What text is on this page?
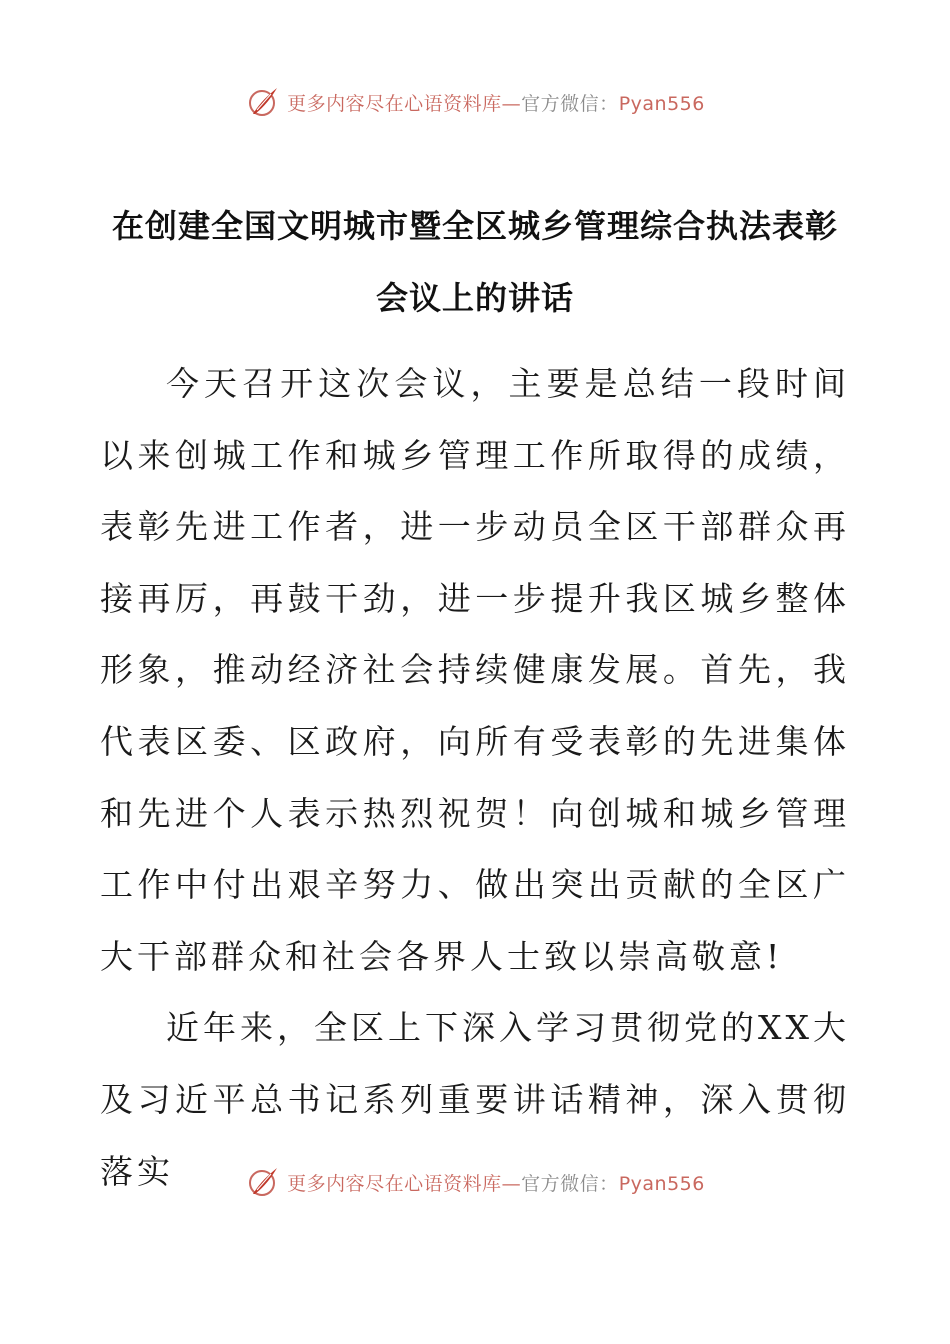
更多内容尽在心语资料库—官方微信：Pyan556
在创建全国文明城市暨全区城乡管理综合执法表彰会议上的讲话

今天召开这次会议，主要是总结一段时间以来创城工作和城乡管理工作所取得的成绩，表彰先进工作者，进一步动员全区干部群众再接再厉，再鼓干劲，进一步提升我区城乡整体形象，推动经济社会持续健康发展。首先，我代表区委、区政府，向所有受表彰的先进集体和先进个人表示热烈祝贺！向创城和城乡管理工作中付出艰辛努力、做出突出贡献的全区广大干部群众和社会各界人士致以崇高敬意!

近年来，全区上下深入学习贯彻党的XX大及习近平总书记系列重要讲话精神，深入贯彻落实	更多内容尽在心语资料库—官方微信：Pyan556
